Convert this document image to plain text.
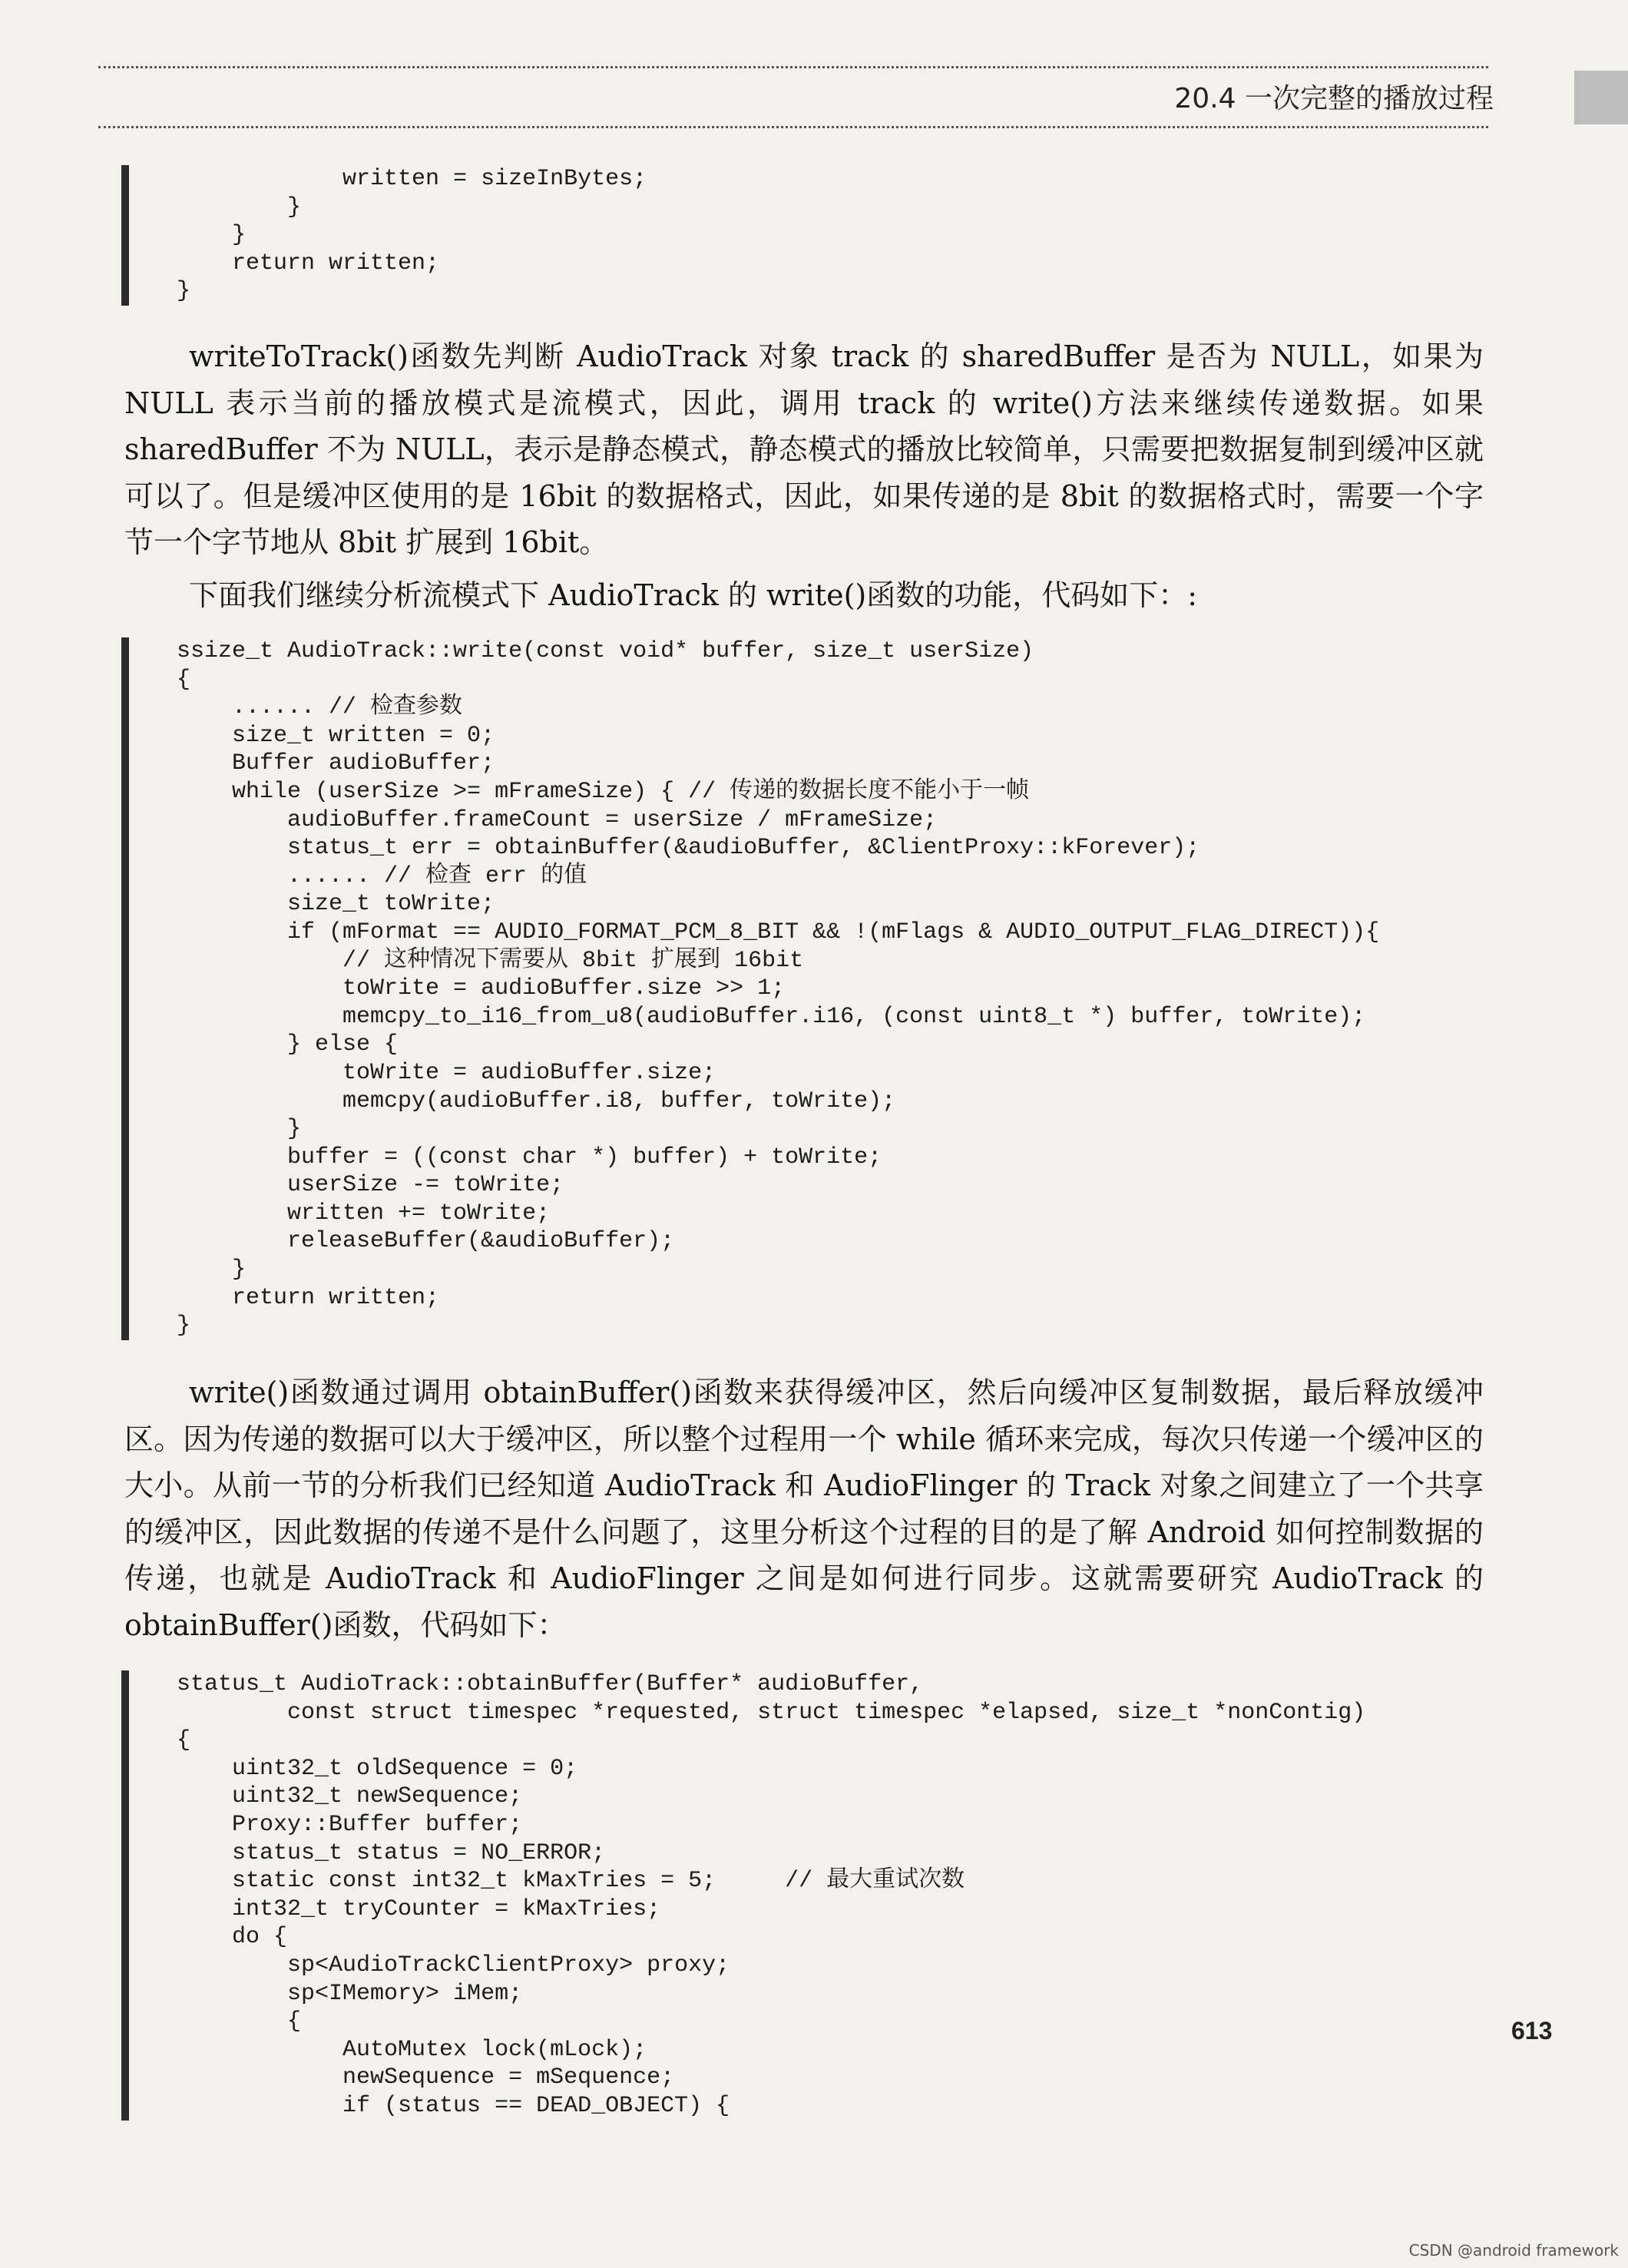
20.4 一次完整的播放过程
written = sizeInBytes;
}
}
return written;
}

writeToTrack()函数先判断 AudioTrack 对象 track 的 sharedBuffer 是否为 NULL，如果为 NULL 表示当前的播放模式是流模式，因此，调用 track 的 write()方法来继续传递数据。如果 sharedBuffer 不为 NULL，表示是静态模式，静态模式的播放比较简单，只需要把数据复制到缓冲区就可以了。但是缓冲区使用的是 16bit 的数据格式，因此，如果传递的是 8bit 的数据格式时，需要一个字节一个字节地从 8bit 扩展到 16bit。

下面我们继续分析流模式下 AudioTrack 的 write()函数的功能，代码如下：:

ssize_t AudioTrack::write(const void* buffer, size_t userSize)
{
...... // 检查参数
size_t written = 0;
Buffer audioBuffer;
while (userSize >= mFrameSize) { // 传递的数据长度不能小于一帧
audioBuffer.frameCount = userSize / mFrameSize;
status_t err = obtainBuffer(&audioBuffer, &ClientProxy::kForever);
...... // 检查 err 的值
size_t toWrite;
if (mFormat == AUDIO_FORMAT_PCM_8_BIT && !(mFlags & AUDIO_OUTPUT_FLAG_DIRECT)){
// 这种情况下需要从 8bit 扩展到 16bit
toWrite = audioBuffer.size >> 1;
memcpy_to_i16_from_u8(audioBuffer.i16, (const uint8_t *) buffer, toWrite);
} else {
toWrite = audioBuffer.size;
memcpy(audioBuffer.i8, buffer, toWrite);
}
buffer = ((const char *) buffer) + toWrite;
userSize -= toWrite;
written += toWrite;
releaseBuffer(&audioBuffer);
}
return written;
}

write()函数通过调用 obtainBuffer()函数来获得缓冲区，然后向缓冲区复制数据，最后释放缓冲区。因为传递的数据可以大于缓冲区，所以整个过程用一个 while 循环来完成，每次只传递一个缓冲区的大小。从前一节的分析我们已经知道 AudioTrack 和 AudioFlinger 的 Track 对象之间建立了一个共享的缓冲区，因此数据的传递不是什么问题了，这里分析这个过程的目的是了解 Android 如何控制数据的传递，也就是 AudioTrack 和 AudioFlinger 之间是如何进行同步。这就需要研究 AudioTrack 的 obtainBuffer()函数，代码如下：

status_t AudioTrack::obtainBuffer(Buffer* audioBuffer,
const struct timespec *requested, struct timespec *elapsed, size_t *nonContig)
{
uint32_t oldSequence = 0;
uint32_t newSequence;
Proxy::Buffer buffer;
status_t status = NO_ERROR;
static const int32_t kMaxTries = 5;     // 最大重试次数
int32_t tryCounter = kMaxTries;
do {
sp<AudioTrackClientProxy> proxy;
sp<IMemory> iMem;
{
AutoMutex lock(mLock);
newSequence = mSequence;
if (status == DEAD_OBJECT) {
613
CSDN @android framework
